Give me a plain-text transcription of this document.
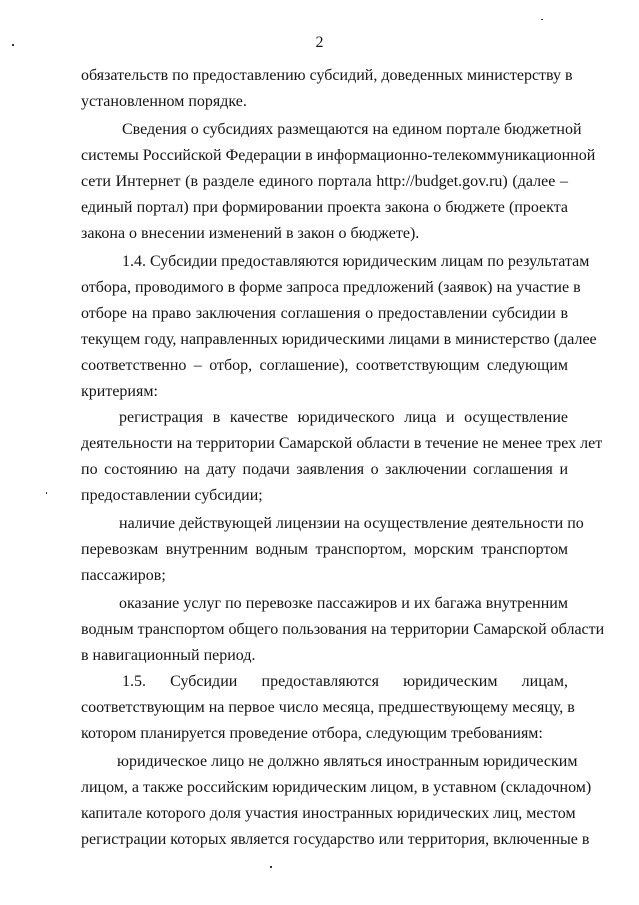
2
обязательств по предоставлению субсидий, доведенных министерству в
установленном порядке.
Сведения о субсидиях размещаются на едином портале бюджетной
системы Российской Федерации в информационно-телекоммуникационной
сети Интернет (в разделе единого портала http://budget.gov.ru) (далее –
единый портал) при формировании проекта закона о бюджете (проекта
закона о внесении изменений в закон о бюджете).
1.4. Субсидии предоставляются юридическим лицам по результатам
отбора, проводимого в форме запроса предложений (заявок) на участие в
отборе на право заключения соглашения о предоставлении субсидии в
текущем году, направленных юридическими лицами в министерство (далее
соответственно – отбор, соглашение), соответствующим следующим
критериям:
регистрация в качестве юридического лица и осуществление
деятельности на территории Самарской области в течение не менее трех лет
по состоянию на дату подачи заявления о заключении соглашения и
предоставлении субсидии;
наличие действующей лицензии на осуществление деятельности по
перевозкам внутренним водным транспортом, морским транспортом
пассажиров;
оказание услуг по перевозке пассажиров и их багажа внутренним
водным транспортом общего пользования на территории Самарской области
в навигационный период.
1.5. Субсидии предоставляются юридическим лицам,
соответствующим на первое число месяца, предшествующему месяцу, в
котором планируется проведение отбора, следующим требованиям:
юридическое лицо не должно являться иностранным юридическим
лицом, а также российским юридическим лицом, в уставном (складочном)
капитале которого доля участия иностранных юридических лиц, местом
регистрации которых является государство или территория, включенные в
